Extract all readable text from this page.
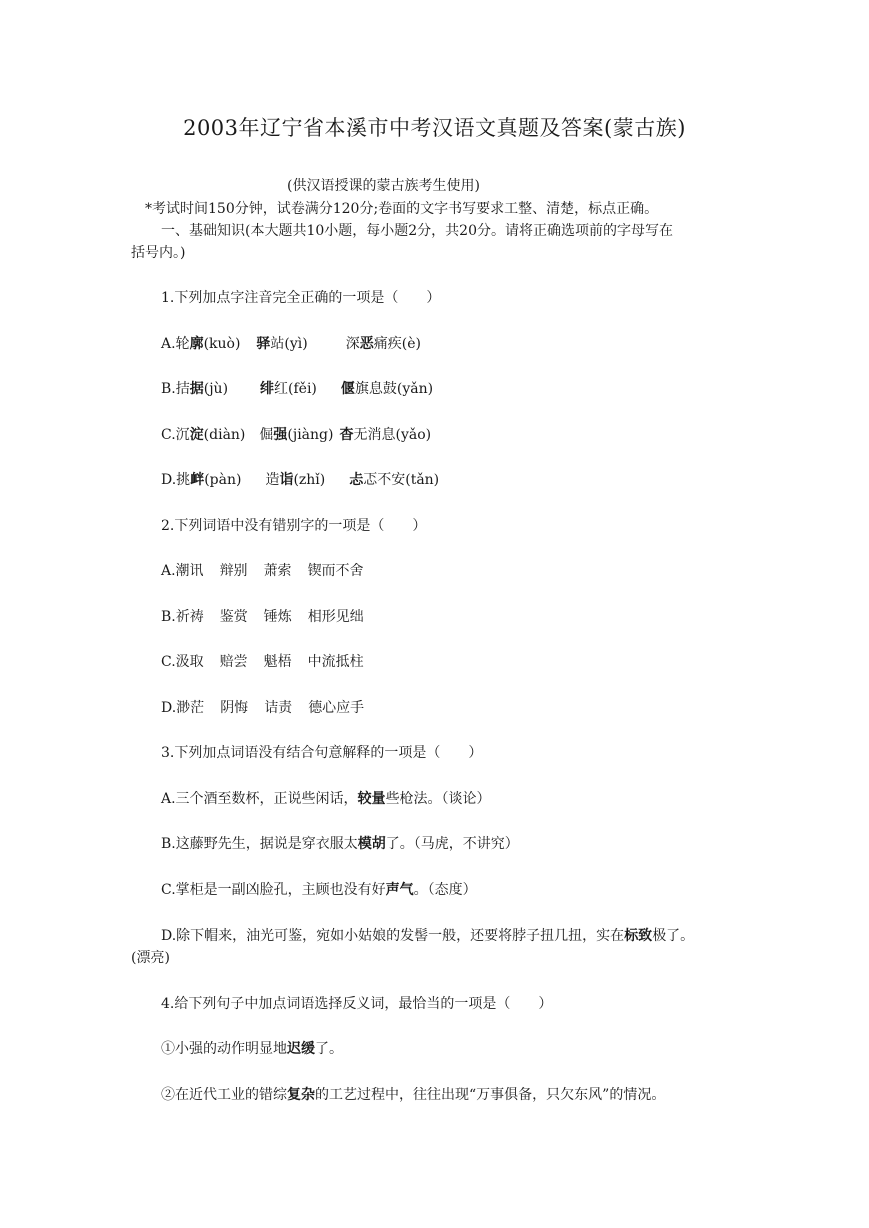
2003年辽宁省本溪市中考汉语文真题及答案(蒙古族)
(供汉语授课的蒙古族考生使用)
*考试时间150分钟，试卷满分120分;卷面的文字书写要求工整、清楚，标点正确。
一、基础知识(本大题共10小题，每小题2分，共20分。请将正确选项前的字母写在
括号内。)
1.下列加点字注音完全正确的一项是（　　）
A.轮廓(kuò) 驿站(yì)	深恶痛疾(è)
B.拮据(jù) 绯红(fěi) 偃旗息鼓(yǎn)
C.沉淀(diàn) 倔强(jiàng) 杳无消息(yǎo)
D.挑衅(pàn) 造诣(zhǐ) 忐忑不安(tǎn)
2.下列词语中没有错别字的一项是（　　）
A.潮讯 辩别 萧索 锲而不舍
B.祈祷 鉴赏 锤炼 相形见绌
C.汲取 赔尝 魁梧 中流抵柱
D.渺茫 阴悔 诘责 德心应手
3.下列加点词语没有结合句意解释的一项是（　　）
A.三个酒至数杯，正说些闲话，较量些枪法。（谈论）
B.这藤野先生，据说是穿衣服太模胡了。（马虎，不讲究）
C.掌柜是一副凶脸孔，主顾也没有好声气。（态度）
D.除下帽来，油光可鉴，宛如小姑娘的发髻一般，还要将脖子扭几扭，实在标致极了。
(漂亮)
4.给下列句子中加点词语选择反义词，最恰当的一项是（　　）
①小强的动作明显地迟缓了。
②在近代工业的错综复杂的工艺过程中，往往出现“万事俱备，只欠东风”的情况。
